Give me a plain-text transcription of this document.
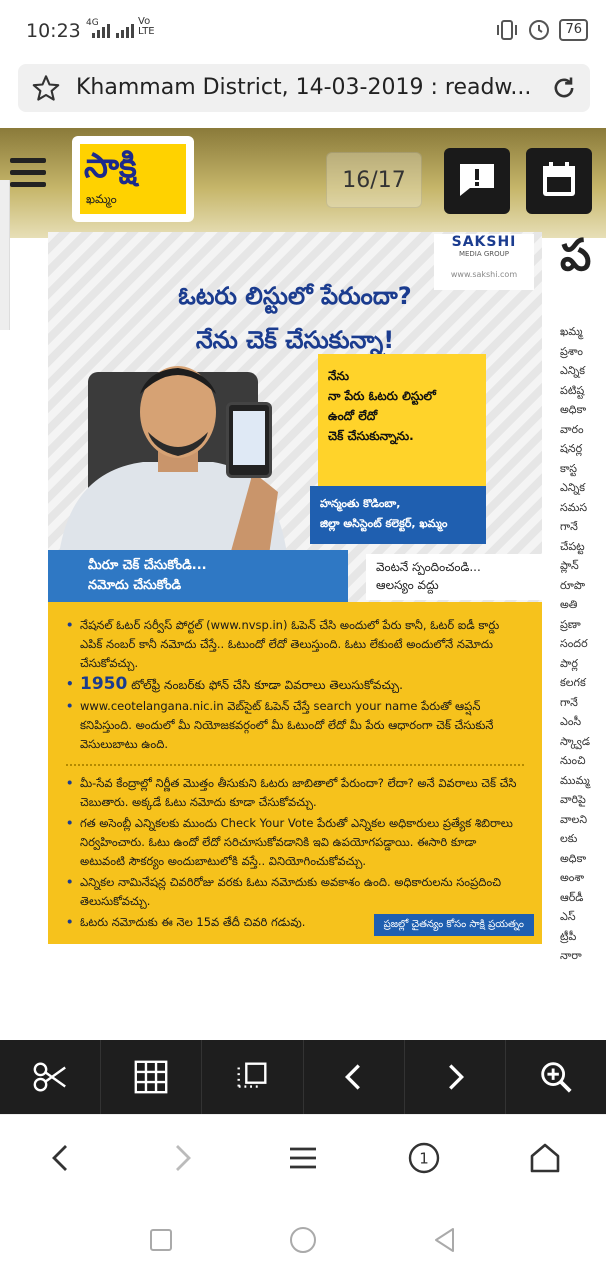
10:23 4G	Vo
LTE	76
Khammam District, 14-03-2019 : readw...
సాక్షి
ఖమ్మం
16/17
SAKSHI
MEDIA GROUP
www.sakshi.com
ఓటరు లిస్టులో పేరుందా?
నేను చెక్ చేసుకున్నా!
నేను
నా పేరు ఓటరు లిస్టులో
ఉందో లేదో
చెక్ చేసుకున్నాను.
హన్మంతు కొడింబా,
జిల్లా అసిస్టెంట్ కలెక్టర్, ఖమ్మం
మీరూ చెక్ చేసుకోండి...
నమోదు చేసుకోండి
వెంటనే స్పందించండి...
ఆలస్యం వద్దు
• నేషనల్ ఓటర్ సర్వీస్ పోర్టల్ (www.nvsp.in) ఓపెన్ చేసి అందులో పేరు కానీ, ఓటర్ ఐడీ కార్డు ఎపిక్ నంబర్ కానీ నమోదు చేస్తే.. ఓటుందో లేదో తెలుస్తుంది. ఓటు లేకుంటే అందులోనే నమోదు చేసుకోవచ్చు.
• 1950 టోల్‌ఫ్రీ నంబర్‌కు ఫోన్ చేసి కూడా వివరాలు తెలుసుకోవచ్చు.
• www.ceotelangana.nic.in వెబ్‌సైట్ ఓపెన్ చేస్తే search your name పేరుతో ఆప్షన్ కనిపిస్తుంది. అందులో మీ నియోజకవర్గంలో మీ ఓటుందో లేదో మీ పేరు ఆధారంగా చెక్ చేసుకునే వెసులుబాటు ఉంది.
• మీ-సేవ కేంద్రాల్లో నిర్ణీత మొత్తం తీసుకుని ఓటరు జాబితాలో పేరుందా? లేదా? అనే వివరాలు చెక్ చేసి చెబుతారు. అక్కడే ఓటు నమోదు కూడా చేసుకోవచ్చు.
• గత అసెంబ్లీ ఎన్నికలకు ముందు Check Your Vote పేరుతో ఎన్నికల అధికారులు ప్రత్యేక శిబిరాలు నిర్వహించారు. ఓటు ఉందో లేదో సరిచూసుకోవడానికి ఇవి ఉపయోగపడ్డాయి. ఈసారి కూడా అటువంటి సౌకర్యం అందుబాటులోకి వస్తే.. వినియోగించుకోవచ్చు.
• ఎన్నికల నామినేషన్ల చివరిరోజు వరకు ఓటు నమోదుకు అవకాశం ఉంది. అధికారులను సంప్రదించి తెలుసుకోవచ్చు.
• ఓటరు నమోదుకు ఈ నెల 15వ తేదీ చివరి గడువు.	ప్రజల్లో చైతన్యం కోసం సాక్షి ప్రయత్నం
ప
ఖమ్మ
ప్రశాం
ఎన్నిక
పటిష్ట
అధికా
వారం
షనర్ల
కాస్ట
ఎన్నిక
సమస
గానే
చేపట్ట
ప్లాన్
రూపొ
అతి
ప్రణా
సందర
పార్ల
కలగక
గానే
ఎంసీ
స్క్వాడ
నుంచి
ముమ్మ
వారిపై
వాలని
లకు
అధికా
అంశా
ఆర్‌డీ
ఎస్
ట్రీపీ
నారా
1
